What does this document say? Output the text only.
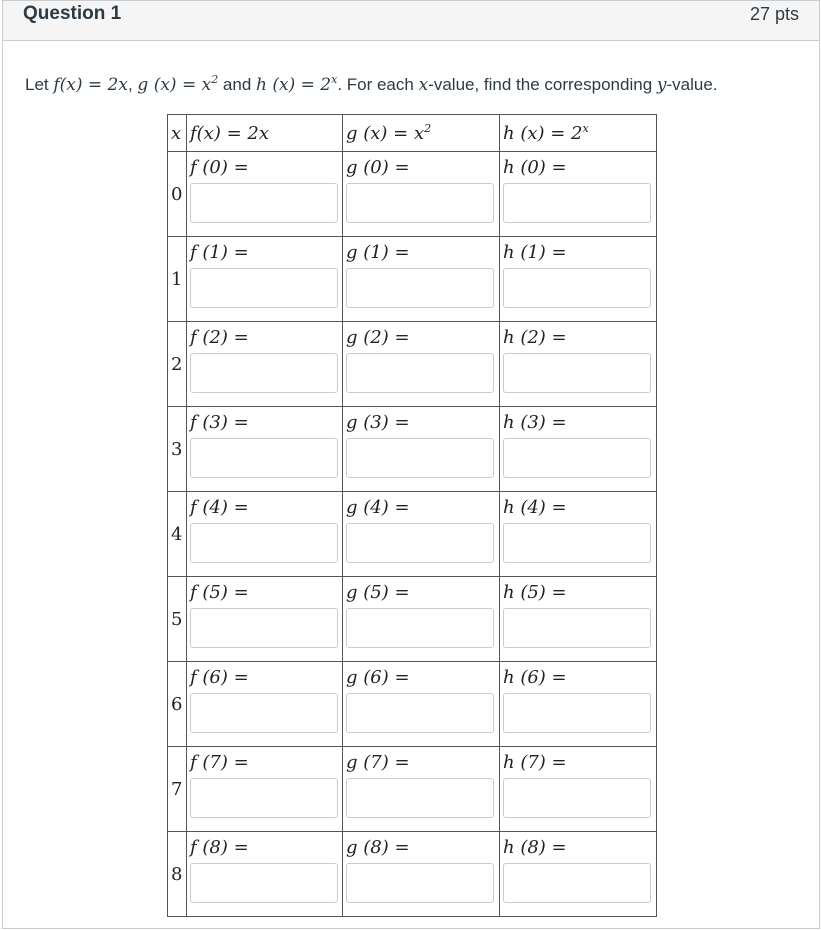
Question 1	27 pts
Let f(x) = 2x, g $(x) = x^2$ and h $(x) = 2^x$. For each x-value, find the corresponding y-value.
x	f(x) = 2x	g $(x) = x^2$	h $(x) = 2^x$
0	f (0) =	g (0) =	h (0) =

1	f (1) =	g (1) =	h (1) =

2	f (2) =	g (2) =	h (2) =

3	f (3) =	g (3) =	h (3) =

4	f (4) =	g (4) =	h (4) =

5	f (5) =	g (5) =	h (5) =

6	f (6) =	g (6) =	h (6) =

7	f (7) =	g (7) =	h (7) =

8	f (8) =	g (8) =	h (8) =
